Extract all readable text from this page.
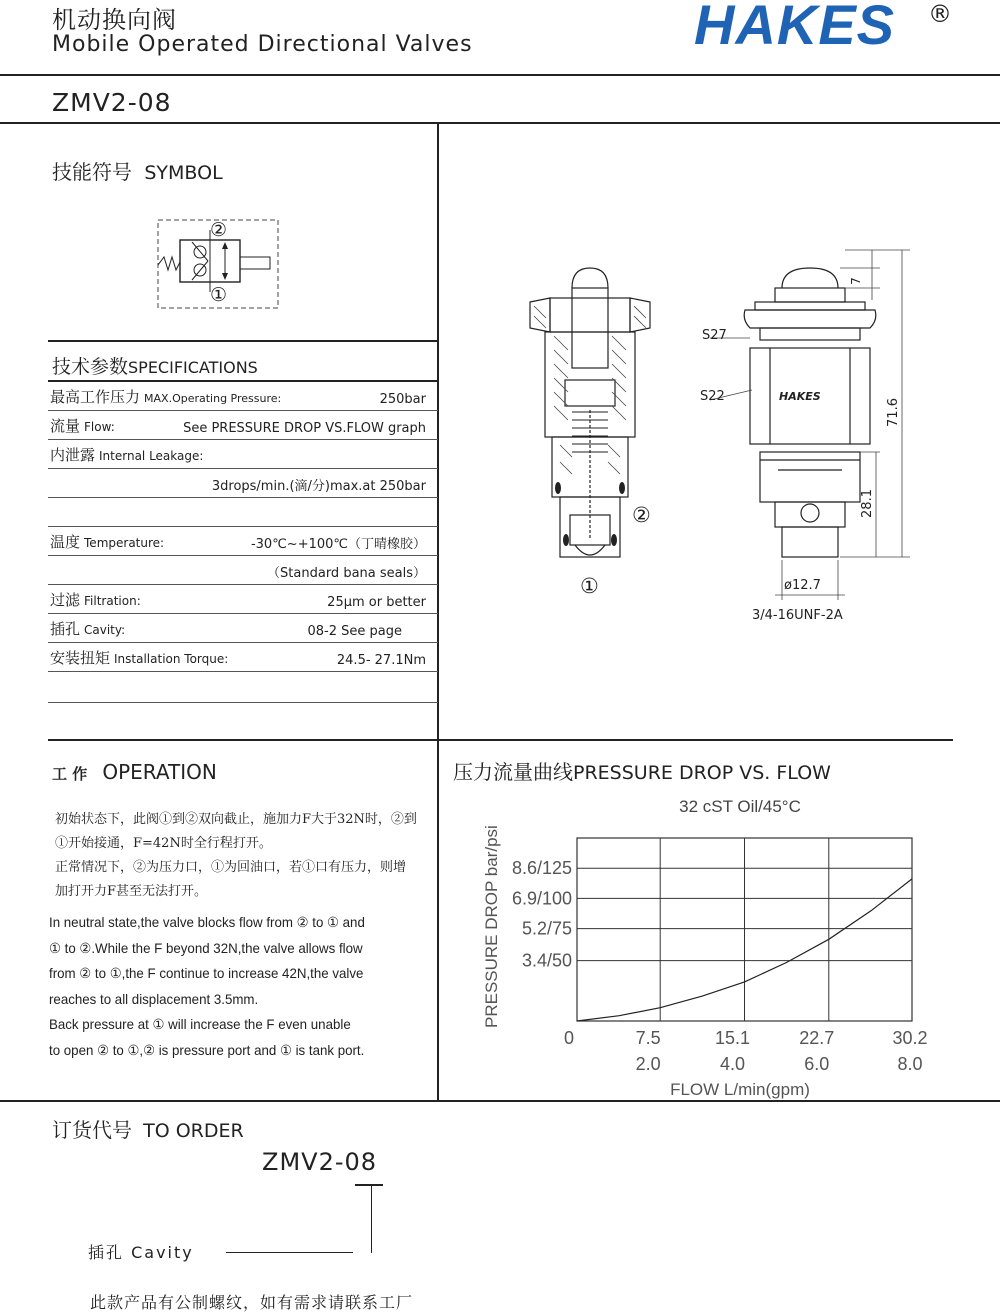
机动换向阀
Mobile Operated Directional Valves	HAKES ®
ZMV2-08
技能符号 SYMBOL
②
①
技术参数SPECIFICATIONS
最高工作压力 MAX.Operating Pressure:	250bar
流量 Flow:	See PRESSURE DROP VS.FLOW graph
内泄露 Internal Leakage:
3drops/min.(滴/分)max.at 250bar
温度 Temperature:	-30℃~+100℃（丁晴橡胶）
（Standard bana seals）
过滤 Filtration:	25μm or better
插孔 Cavity:	08-2 See page
安装扭矩 Installation Torque:	24.5- 27.1Nm
②
①
S27
S22	HAKES
7
71.6
28.1
ø12.7
3/4-16UNF-2A
工 作 OPERATION
初始状态下，此阀①到②双向截止，施加力F大于32N时，②到
①开始接通，F=42N时全行程打开。
正常情况下，②为压力口，①为回油口，若①口有压力，则增
加打开力F甚至无法打开。
In neutral state,the valve blocks flow from ② to ① and
① to ②.While the F beyond 32N,the valve allows flow
from ② to ①,the F continue to increase 42N,the valve
reaches to all displacement 3.5mm.
Back pressure at ① will increase the F even unable
to open ② to ①,② is pressure port and ① is tank port.
压力流量曲线PRESSURE DROP VS. FLOW
32 cST Oil/45°C
3.4/50
5.2/75
6.9/100
8.6/125
0	7.5
2.0
15.1
4.0
22.7
6.0
30.2
8.0
PRESSURE DROP bar/psi
FLOW L/min(gpm)
订货代号 TO ORDER
ZMV2-08
插孔 Cavity
此款产品有公制螺纹，如有需求请联系工厂
